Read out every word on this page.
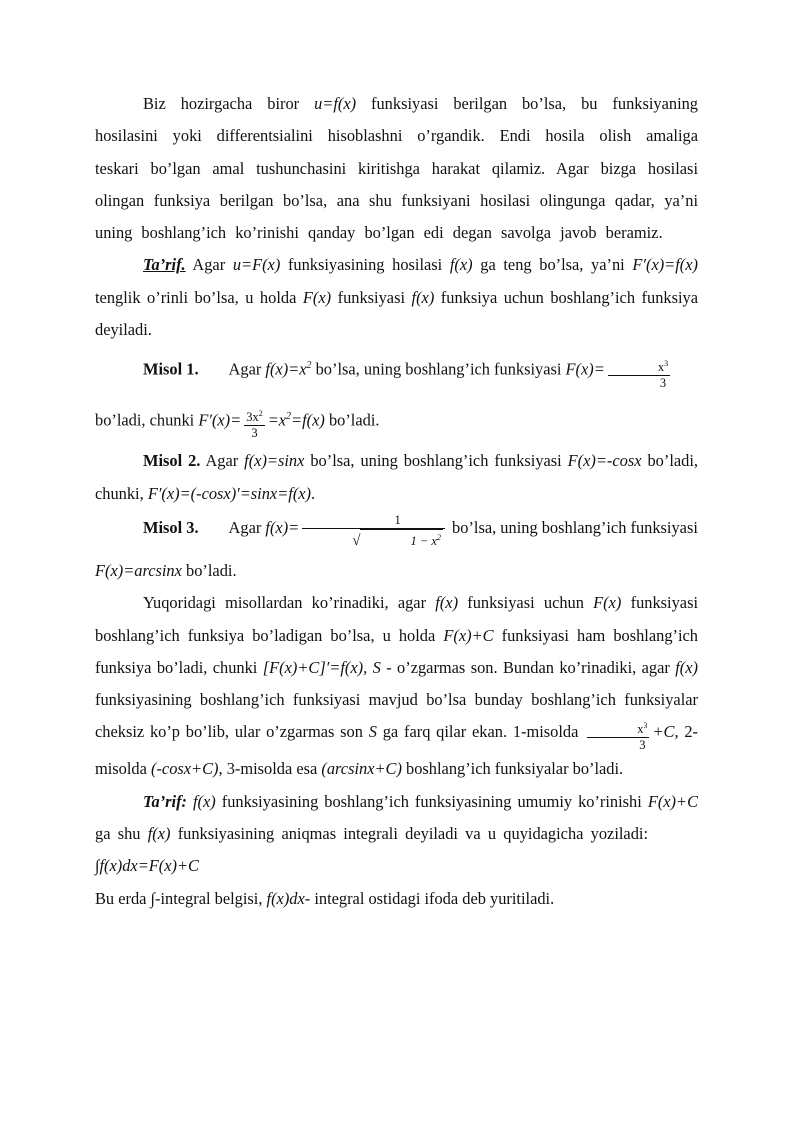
Biz hozirgacha biror u=f(x) funksiyasi berilgan bo’lsa, bu funksiyaning hosilasini yoki differentsialini hisoblashni o’rgandik. Endi hosila olish amaliga teskari bo’lgan amal tushunchasini kiritishga harakat qilamiz. Agar bizga hosilasi olingan funksiya berilgan bo’lsa, ana shu funksiyani hosilasi olingunga qadar, ya’ni uning boshlang’ich ko’rinishi qanday bo’lgan edi degan savolga javob beramiz.

Ta’rif. Agar u=F(x) funksiyasining hosilasi f(x) ga teng bo’lsa, ya’ni F′(x)=f(x) tenglik o’rinli bo’lsa, u holda F(x) funksiyasi f(x) funksiya uchun boshlang’ich funksiya deyiladi.

Misol 1. Agar $f(x)=x^2$ bo’lsa, uning boshlang’ich funksiyasi $F(x)= \frac{x^3}{3}$

bo’ladi, chunki $F'(x)= \frac{3x^2}{3} =x^2=f(x)$ bo’ladi.

Misol 2. Agar f(x)=sinx bo’lsa, uning boshlang’ich funksiyasi F(x)=-cosx bo’ladi, chunki, F′(x)=(-cosx)′=sinx=f(x).

Misol 3. Agar f(x)= 1
√	$1 - x^2$ bo’lsa, uning boshlang’ich funksiyasi

F(x)=arcsinx bo’ladi.

Yuqoridagi misollardan ko’rinadiki, agar f(x) funksiyasi uchun F(x) funksiyasi boshlang’ich funksiya bo’ladigan bo’lsa, u holda F(x)+C funksiyasi ham boshlang’ich funksiya bo’ladi, chunki [F(x)+C]′=f(x), S - o’zgarmas son. Bundan ko’rinadiki, agar f(x) funksiyasining boshlang’ich funksiyasi mavjud bo’lsa bunday boshlang’ich funksiyalar cheksiz ko’p bo’lib, ular o’zgarmas son S ga farq qilar ekan. 1-misolda $\frac{x^3}{3} +C$, 2-misolda (-cosx+C), 3-misolda esa (arcsinx+C) boshlang’ich funksiyalar bo’ladi.

Ta’rif: f(x) funksiyasining boshlang’ich funksiyasining umumiy ko’rinishi F(x)+C ga shu f(x) funksiyasining aniqmas integrali deyiladi va u quyidagicha yoziladi:∫f(x)dx=F(x)+C

Bu erda ∫-integral belgisi, f(x)dx- integral ostidagi ifoda deb yuritiladi.
